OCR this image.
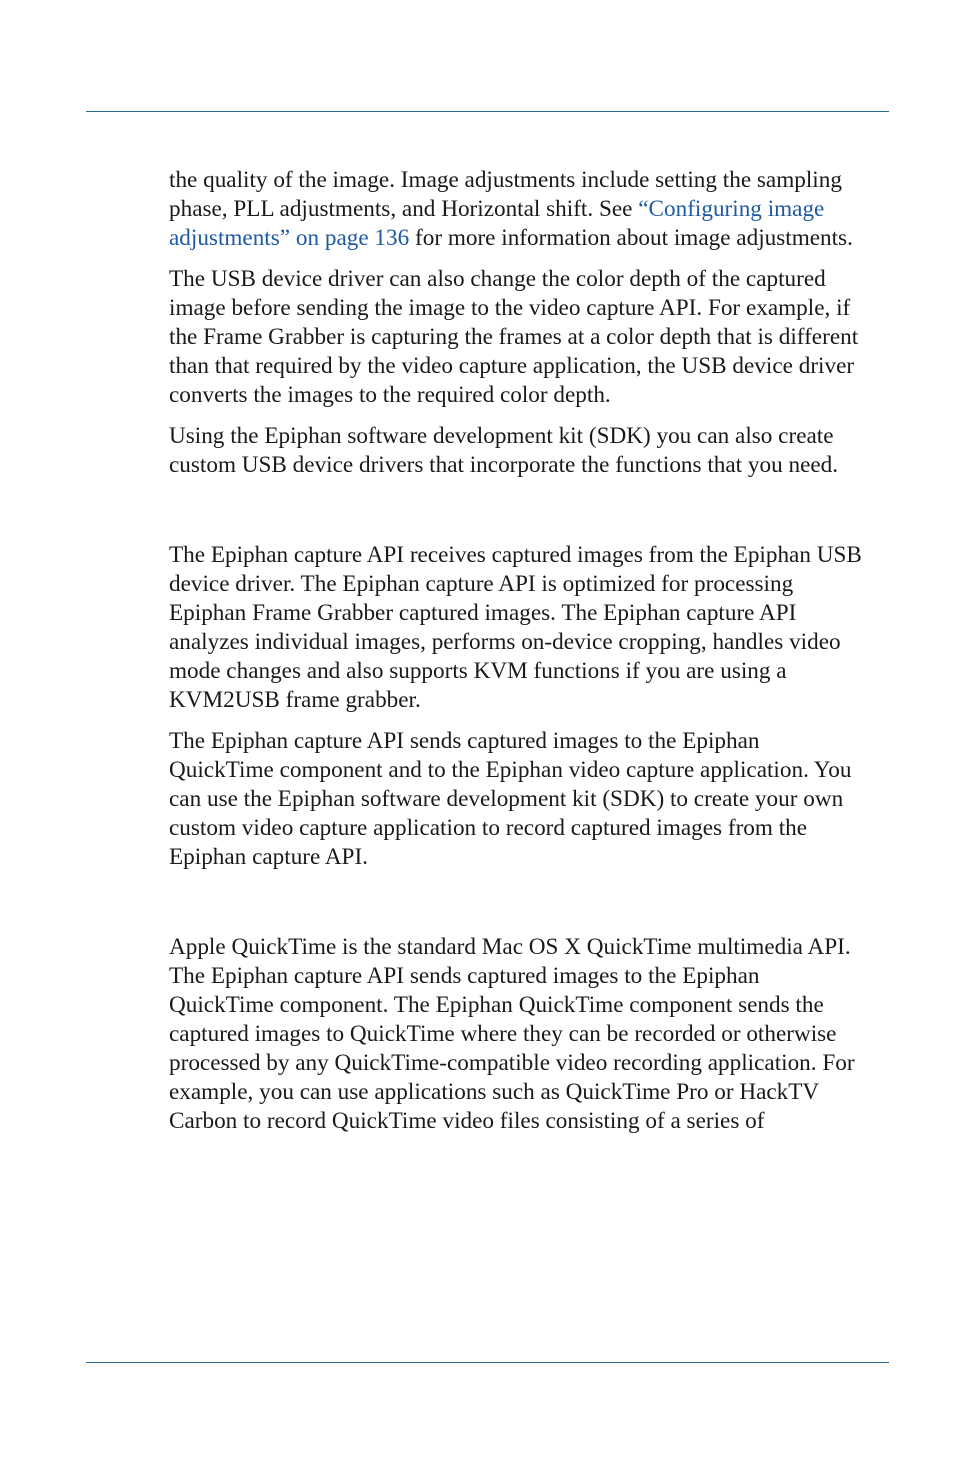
the quality of the image. Image adjustments include setting the sampling phase, PLL adjustments, and Horizontal shift. See “Configuring image adjustments” on page 136 for more information about image adjustments.

The USB device driver can also change the color depth of the captured image before sending the image to the video capture API. For example, if the Frame Grabber is capturing the frames at a color depth that is different than that required by the video capture application, the USB device driver converts the images to the required color depth.

Using the Epiphan software development kit (SDK) you can also create custom USB device drivers that incorporate the functions that you need.

The Epiphan capture API receives captured images from the Epiphan USB device driver. The Epiphan capture API is optimized for processing Epiphan Frame Grabber captured images. The Epiphan capture API analyzes individual images, performs on-device cropping, handles video mode changes and also supports KVM functions if you are using a KVM2USB frame grabber.

The Epiphan capture API sends captured images to the Epiphan QuickTime component and to the Epiphan video capture application. You can use the Epiphan software development kit (SDK) to create your own custom video capture application to record captured images from the Epiphan capture API.

Apple QuickTime is the standard Mac OS X QuickTime multimedia API. The Epiphan capture API sends captured images to the Epiphan QuickTime component. The Epiphan QuickTime component sends the captured images to QuickTime where they can be recorded or otherwise processed by any QuickTime-compatible video recording application. For example, you can use applications such as QuickTime Pro or HackTV Carbon to record QuickTime video files consisting of a series of
